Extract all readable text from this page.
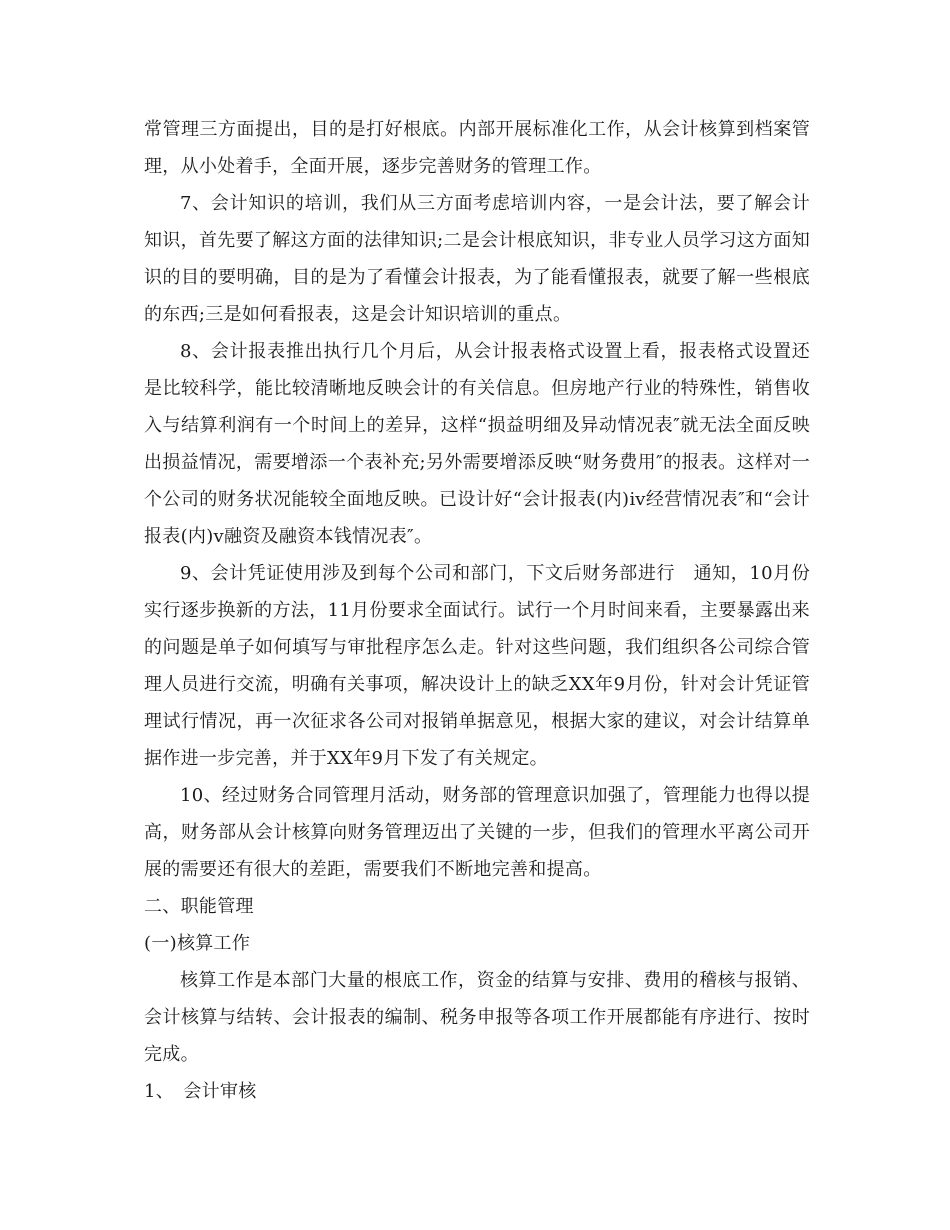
常管理三方面提出，目的是打好根底。内部开展标准化工作，从会计核算到档案管理，从小处着手，全面开展，逐步完善财务的管理工作。

7、会计知识的培训，我们从三方面考虑培训内容，一是会计法，要了解会计知识，首先要了解这方面的法律知识;二是会计根底知识，非专业人员学习这方面知识的目的要明确，目的是为了看懂会计报表，为了能看懂报表，就要了解一些根底的东西;三是如何看报表，这是会计知识培训的重点。

8、会计报表推出执行几个月后，从会计报表格式设置上看，报表格式设置还是比较科学，能比较清晰地反映会计的有关信息。但房地产行业的特殊性，销售收入与结算利润有一个时间上的差异，这样“损益明细及异动情况表″就无法全面反映出损益情况，需要增添一个表补充;另外需要增添反映“财务费用″的报表。这样对一个公司的财务状况能较全面地反映。已设计好“会计报表(内)ⅳ经营情况表″和“会计报表(内)ⅴ融资及融资本钱情况表″。

9、会计凭证使用涉及到每个公司和部门，下文后财务部进行　通知，10月份实行逐步换新的方法，11月份要求全面试行。试行一个月时间来看，主要暴露出来的问题是单子如何填写与审批程序怎么走。针对这些问题，我们组织各公司综合管理人员进行交流，明确有关事项，解决设计上的缺乏XX年9月份，针对会计凭证管理试行情况，再一次征求各公司对报销单据意见，根据大家的建议，对会计结算单据作进一步完善，并于XX年9月下发了有关规定。

10、经过财务合同管理月活动，财务部的管理意识加强了，管理能力也得以提高，财务部从会计核算向财务管理迈出了关键的一步，但我们的管理水平离公司开展的需要还有很大的差距，需要我们不断地完善和提高。

二、职能管理

(一)核算工作

核算工作是本部门大量的根底工作，资金的结算与安排、费用的稽核与报销、会计核算与结转、会计报表的编制、税务申报等各项工作开展都能有序进行、按时完成。

1、　会计审核
